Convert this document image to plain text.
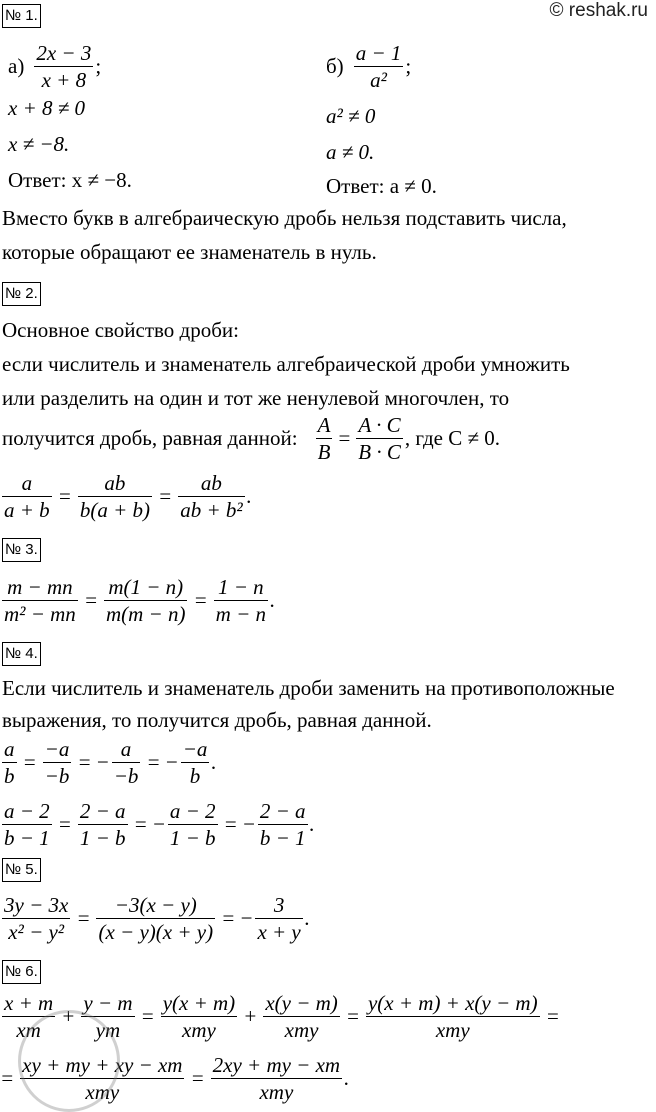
© reshak.ru
№ 1.
$а) \frac{2x - 3}{x + 8}$ ;
x + 8 ≠ 0
x ≠ −8.
Ответ: x ≠ −8.
$б) \frac{a - 1}{\text{a²}}$ ;
a² ≠ 0
a ≠ 0.
Ответ: a ≠ 0.
Вместо букв в алгебраическую дробь нельзя подставить числа,
которые обращают ее знаменатель в нуль.
№ 2.
Основное свойство дроби:
если числитель и знаменатель алгебраической дроби умножить
или разделить на один и тот же ненулевой многочлен, то
получится дробь, равная данной: $\frac{A}{B} = \frac{A \cdot C}{B \cdot C}$ , где C ≠ 0.
$\frac{a}{a + b} = \frac{ab}{b(a + b)} = \frac{ab}{\text{ab + b²}}$ .
№ 3.
$\frac{m - mn}{\text{m² − mn}} = \frac{m(1 - n)}{m(m - n)} = \frac{1 - n}{m - n}$ .
№ 4.
Если числитель и знаменатель дроби заменить на противоположные
выражения, то получится дробь, равная данной.
$\frac{a}{b} = \frac{-a}{-b}$ = − $\frac{a}{-b}$ = − $\frac{-a}{b}$ .
$\frac{a - 2}{b - 1} = \frac{2 - a}{1 - b}$ = − $\frac{a - 2}{1 - b}$ = − $\frac{2 - a}{b - 1}$ .
№ 5.
$\frac{3y - 3x}{\text{x² − y²}} = \frac{-3(x - y)}{(x - y)(x + y)}$ = − $\frac{3}{x + y}$ .
№ 6.
$\frac{x + m}{xm} + \frac{y - m}{ym} = \frac{y(x + m)}{\text{xmy}} + \frac{x(y - m)}{\text{xmy}} = \frac{y(x + m) + x(y - m)}{\text{xmy}}$ =
= $\frac{xy + my + xy - xm}{\text{xmy}} = \frac{2xy + my - xm}{\text{xmy}}$ .
